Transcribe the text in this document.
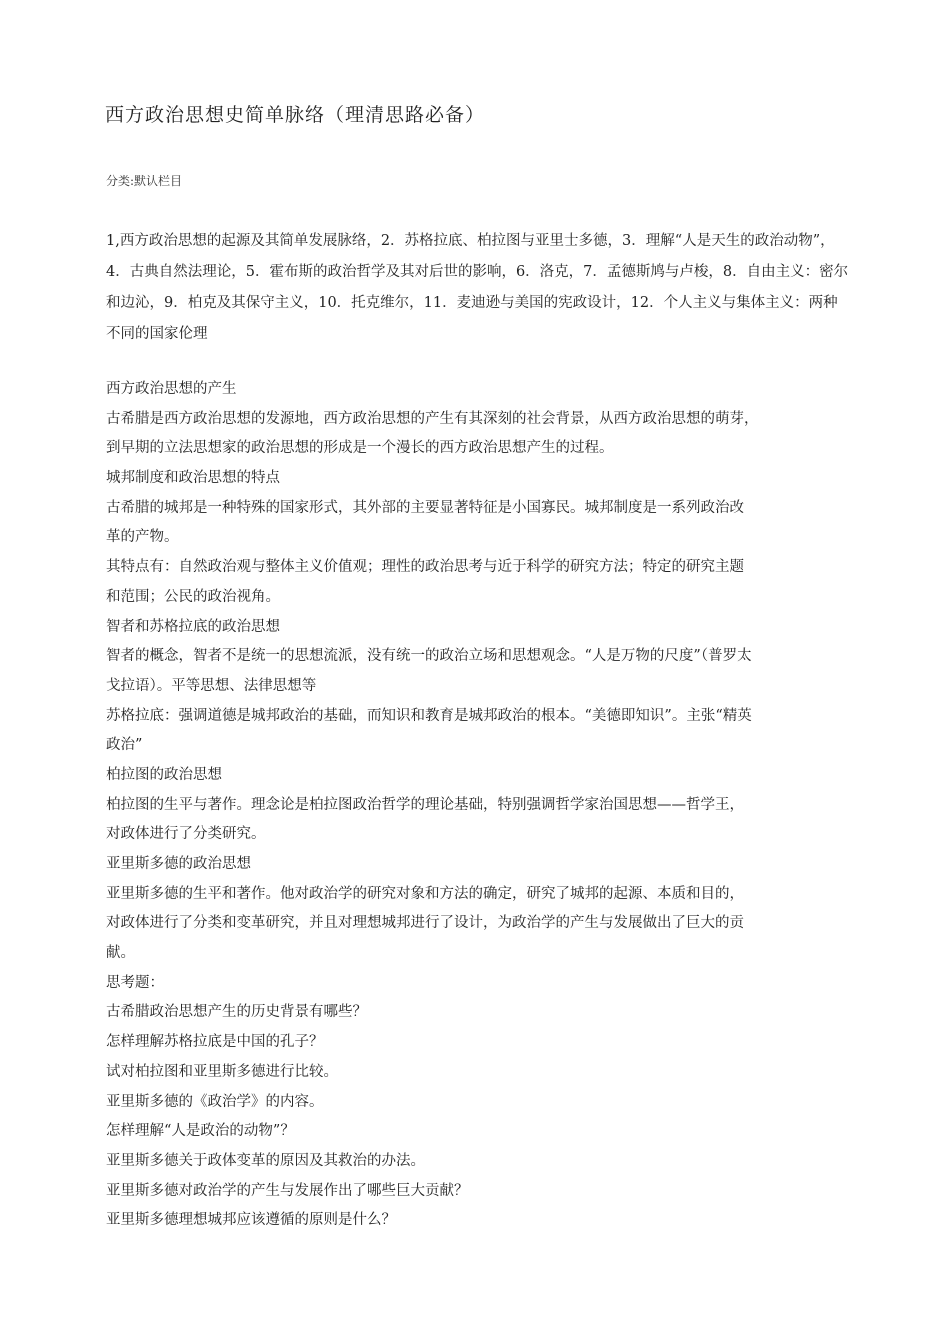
西方政治思想史简单脉络（理清思路必备）
分类:默认栏目
1,西方政治思想的起源及其简单发展脉络，2．苏格拉底、柏拉图与亚里士多德，3．理解“人是天生的政治动物”，4．古典自然法理论，5．霍布斯的政治哲学及其对后世的影响，6．洛克，7．孟德斯鸠与卢梭，8．自由主义：密尔和边沁，9．柏克及其保守主义，10．托克维尔，11．麦迪逊与美国的宪政设计，12．个人主义与集体主义：两种不同的国家伦理
西方政治思想的产生
古希腊是西方政治思想的发源地，西方政治思想的产生有其深刻的社会背景，从西方政治思想的萌芽，
到早期的立法思想家的政治思想的形成是一个漫长的西方政治思想产生的过程。
城邦制度和政治思想的特点
古希腊的城邦是一种特殊的国家形式，其外部的主要显著特征是小国寡民。城邦制度是一系列政治改
革的产物。
其特点有：自然政治观与整体主义价值观；理性的政治思考与近于科学的研究方法；特定的研究主题
和范围；公民的政治视角。
智者和苏格拉底的政治思想
智者的概念，智者不是统一的思想流派，没有统一的政治立场和思想观念。“人是万物的尺度”（普罗太
戈拉语）。平等思想、法律思想等
苏格拉底：强调道德是城邦政治的基础，而知识和教育是城邦政治的根本。“美德即知识”。主张“精英
政治”
柏拉图的政治思想
柏拉图的生平与著作。理念论是柏拉图政治哲学的理论基础，特别强调哲学家治国思想——哲学王，
对政体进行了分类研究。
亚里斯多德的政治思想
亚里斯多德的生平和著作。他对政治学的研究对象和方法的确定，研究了城邦的起源、本质和目的，
对政体进行了分类和变革研究，并且对理想城邦进行了设计，为政治学的产生与发展做出了巨大的贡
献。
思考题：
古希腊政治思想产生的历史背景有哪些？
怎样理解苏格拉底是中国的孔子？
试对柏拉图和亚里斯多德进行比较。
亚里斯多德的《政治学》的内容。
怎样理解“人是政治的动物”？
亚里斯多德关于政体变革的原因及其救治的办法。
亚里斯多德对政治学的产生与发展作出了哪些巨大贡献？
亚里斯多德理想城邦应该遵循的原则是什么？
